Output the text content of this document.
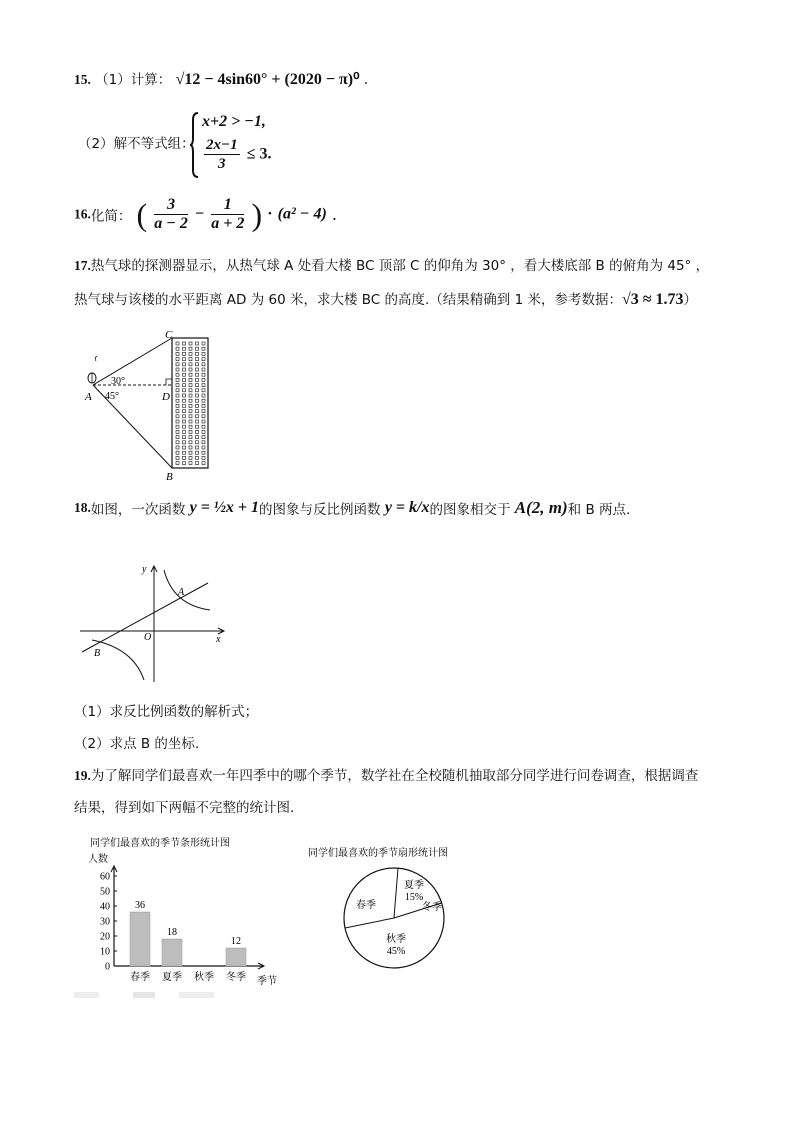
15. （1）计算： √12 − 4sin60° + (2020 − π)⁰ .
（2）解不等式组：
x+2 > −1,
$\frac{2x-1}{3} \le 3$.
16.化简： ( $\frac{3}{a - 2} - \frac{1}{a + 2}$ ) · (a² − 4) .
17.热气球的探测器显示，从热气球 A 处看大楼 BC 顶部 C 的仰角为 30° ，看大楼底部 B 的俯角为 45° ，
热气球与该楼的水平距离 AD 为 60 米，求大楼 BC 的高度.（结果精确到 1 米，参考数据：√3 ≈ 1.73）
C
A	D
B
30°
45°
18.如图，一次函数 y = ½x + 1的图象与反比例函数 y = k/x的图象相交于 A(2, m)和 B 两点.
y
x
O
A
B
（1）求反比例函数的解析式；
（2）求点 B 的坐标.
19.为了解同学们最喜欢一年四季中的哪个季节，数学社在全校随机抽取部分同学进行问卷调查，根据调查
结果，得到如下两幅不完整的统计图.
同学们最喜欢的季节条形统计图
人数
季节
0
10
20
30
40
50
60
36
春季
18
夏季 秋季
12
冬季
同学们最喜欢的季节扇形统计图
春季
夏季
15%
冬季
秋季
45%
